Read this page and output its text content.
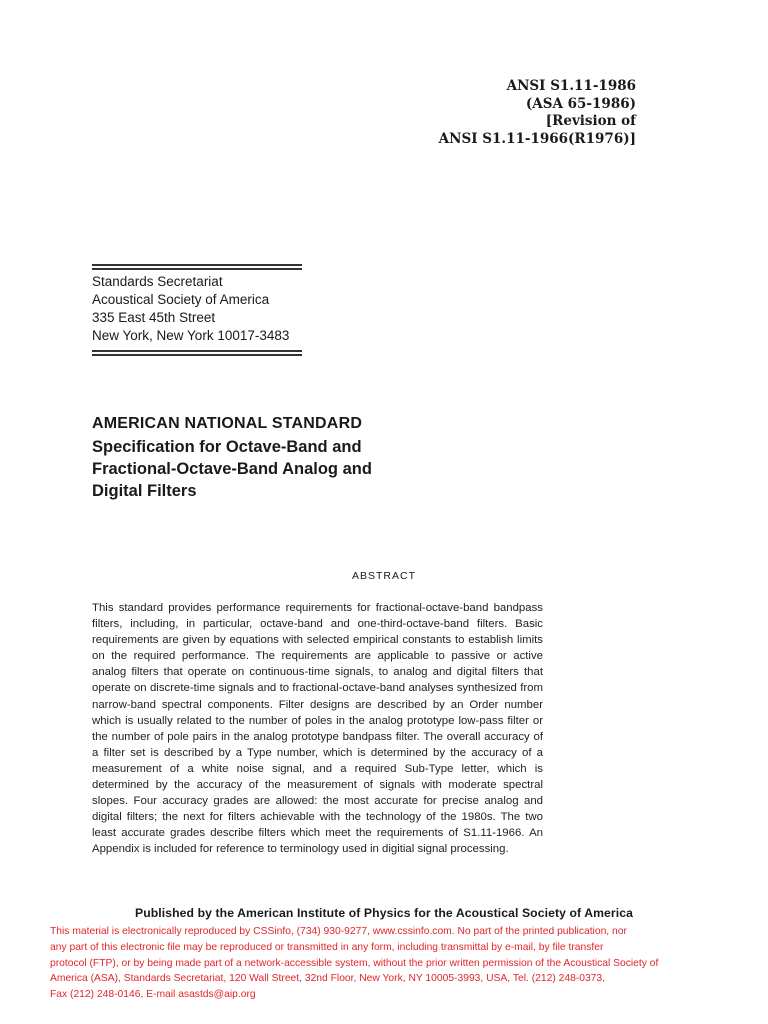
ANSI S1.11-1986
(ASA 65-1986)
[Revision of
ANSI S1.11-1966(R1976)]
Standards Secretariat
Acoustical Society of America
335 East 45th Street
New York, New York 10017-3483
AMERICAN NATIONAL STANDARD
Specification for Octave-Band and
Fractional-Octave-Band Analog and
Digital Filters
ABSTRACT
This standard provides performance requirements for fractional-octave-band bandpass filters, including, in particular, octave-band and one-third-octave-band filters. Basic requirements are given by equations with selected empirical constants to establish limits on the required performance. The requirements are applicable to passive or active analog filters that operate on continuous-time signals, to analog and digital filters that operate on discrete-time signals and to fractional-octave-band analyses synthesized from narrow-band spectral components. Filter designs are described by an Order number which is usually related to the number of poles in the analog prototype low-pass filter or the number of pole pairs in the analog prototype bandpass filter. The overall accuracy of a filter set is described by a Type number, which is determined by the accuracy of a measurement of a white noise signal, and a required Sub-Type letter, which is determined by the accuracy of the measurement of signals with moderate spectral slopes. Four accuracy grades are allowed: the most accurate for precise analog and digital filters; the next for filters achievable with the technology of the 1980s. The two least accurate grades describe filters which meet the requirements of S1.11-1966. An Appendix is included for reference to terminology used in digitial signal processing.
Published by the American Institute of Physics for the Acoustical Society of America
This material is electronically reproduced by CSSinfo, (734) 930-9277, www.cssinfo.com. No part of the printed publication, nor
any part of this electronic file may be reproduced or transmitted in any form, including transmittal by e-mail, by file transfer
protocol (FTP), or by being made part of a network-accessible system, without the prior written permission of the Acoustical Society of
America (ASA), Standards Secretariat, 120 Wall Street, 32nd Floor, New York, NY 10005-3993, USA, Tel. (212) 248-0373,
Fax (212) 248-0146, E-mail asastds@aip.org
